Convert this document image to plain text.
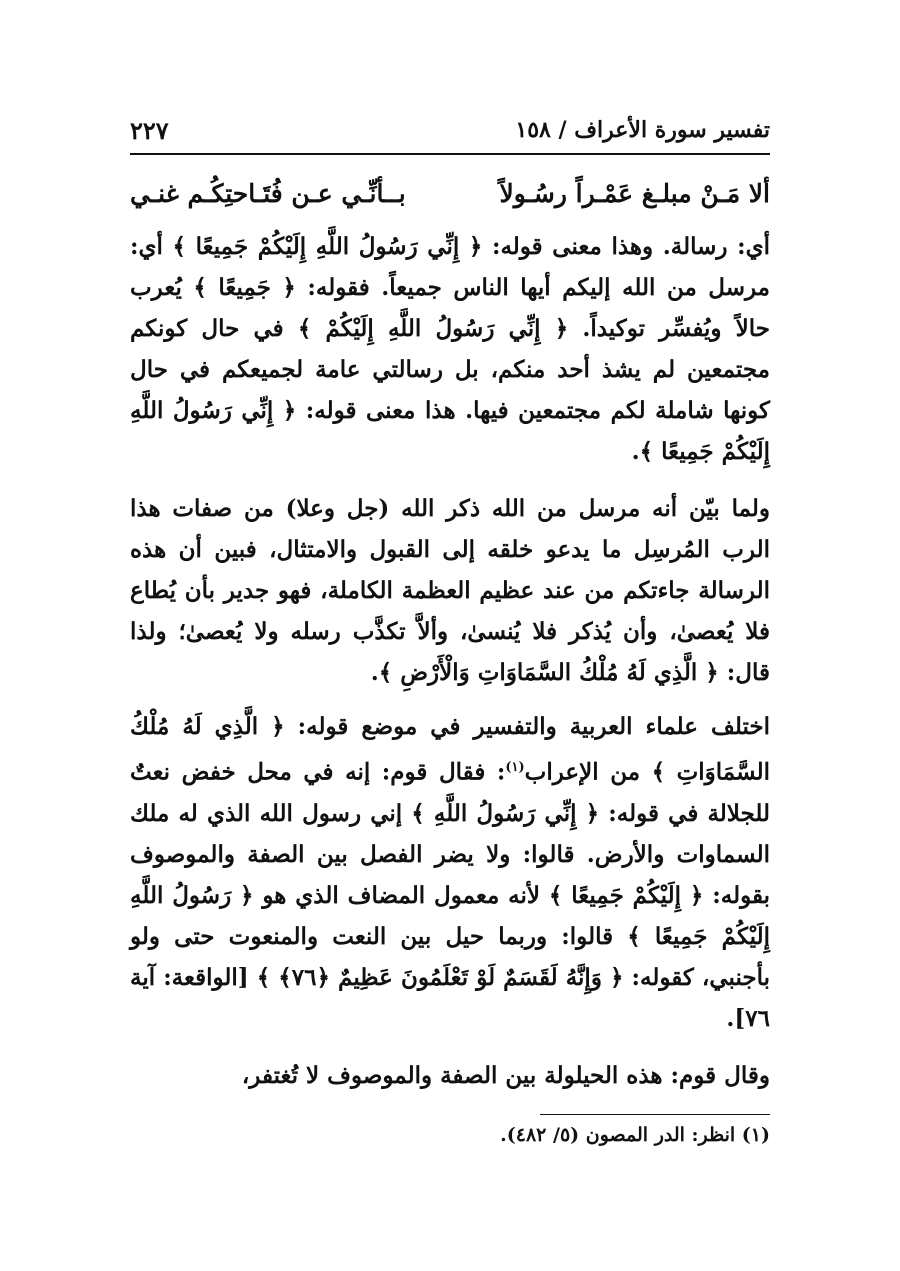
تفسير سورة الأعراف / ١٥٨
٢٢٧
ألا مَـنْ مبلـغ عَمْـراً رسُـولاً
بــأنِّـي عـن فُتَـاحتِكُـم غنـي

أي: رسالة. وهذا معنى قوله: ﴿ إِنِّي رَسُولُ اللَّهِ إِلَيْكُمْ جَمِيعًا ﴾ أي: مرسل من الله إليكم أيها الناس جميعاً. فقوله: ﴿ جَمِيعًا ﴾ يُعرب حالاً ويُفسِّر توكيداً. ﴿ إِنِّي رَسُولُ اللَّهِ إِلَيْكُمْ ﴾ في حال كونكم مجتمعين لم يشذ أحد منكم، بل رسالتي عامة لجميعكم في حال كونها شاملة لكم مجتمعين فيها. هذا معنى قوله: ﴿ إِنِّي رَسُولُ اللَّهِ إِلَيْكُمْ جَمِيعًا ﴾.

ولما بيّن أنه مرسل من الله ذكر الله (جل وعلا) من صفات هذا الرب المُرسِل ما يدعو خلقه إلى القبول والامتثال، فبين أن هذه الرسالة جاءتكم من عند عظيم العظمة الكاملة، فهو جدير بأن يُطاع فلا يُعصىٰ، وأن يُذكر فلا يُنسىٰ، وألاَّ تكذَّب رسله ولا يُعصىٰ؛ ولذا قال: ﴿ الَّذِي لَهُ مُلْكُ السَّمَاوَاتِ وَالْأَرْضِ ﴾.

اختلف علماء العربية والتفسير في موضع قوله: ﴿ الَّذِي لَهُ مُلْكُ السَّمَاوَاتِ ﴾ من الإعراب$^{(١)}$: فقال قوم: إنه في محل خفض نعتٌ للجلالة في قوله: ﴿ إِنِّي رَسُولُ اللَّهِ ﴾ إني رسول الله الذي له ملك السماوات والأرض. قالوا: ولا يضر الفصل بين الصفة والموصوف بقوله: ﴿ إِلَيْكُمْ جَمِيعًا ﴾ لأنه معمول المضاف الذي هو ﴿ رَسُولُ اللَّهِ إِلَيْكُمْ جَمِيعًا ﴾ قالوا: وربما حيل بين النعت والمنعوت حتى ولو بأجنبي، كقوله: ﴿ وَإِنَّهُ لَقَسَمٌ لَوْ تَعْلَمُونَ عَظِيمٌ ﴿٧٦﴾ ﴾ [الواقعة: آية ٧٦].

وقال قوم: هذه الحيلولة بين الصفة والموصوف لا تُغتفر،

(١) انظر: الدر المصون (٥/ ٤٨٢).
